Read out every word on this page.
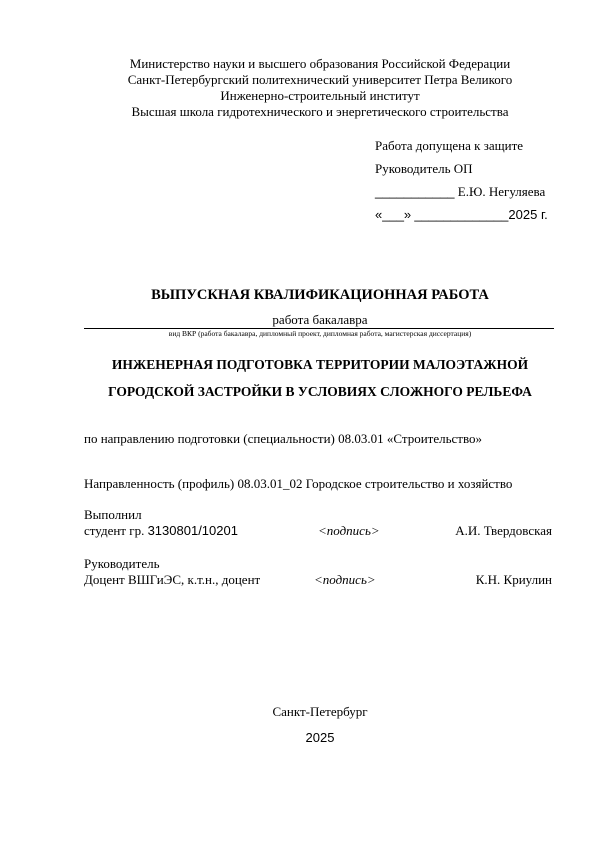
Министерство науки и высшего образования Российской Федерации
Санкт-Петербургский политехнический университет Петра Великого
Инженерно-строительный институт
Высшая школа гидротехнического и энергетического строительства
Работа допущена к защите
Руководитель ОП
___________ Е.Ю. Негуляева
«___» _____________2025 г.
ВЫПУСКНАЯ КВАЛИФИКАЦИОННАЯ РАБОТА
работа бакалавра
вид ВКР (работа бакалавра, дипломный проект, дипломная работа, магистерская диссертация)
ИНЖЕНЕРНАЯ ПОДГОТОВКА ТЕРРИТОРИИ МАЛОЭТАЖНОЙ
ГОРОДСКОЙ ЗАСТРОЙКИ В УСЛОВИЯХ СЛОЖНОГО РЕЛЬЕФА
по направлению подготовки (специальности) 08.03.01 «Строительство»
Направленность (профиль) 08.03.01_02 Городское строительство и хозяйство
Выполнил
студент гр. 3130801/10201	<подпись>	А.И. Твердовская
Руководитель
Доцент ВШГиЭС, к.т.н., доцент	<подпись>	К.Н. Криулин
Санкт-Петербург
2025
